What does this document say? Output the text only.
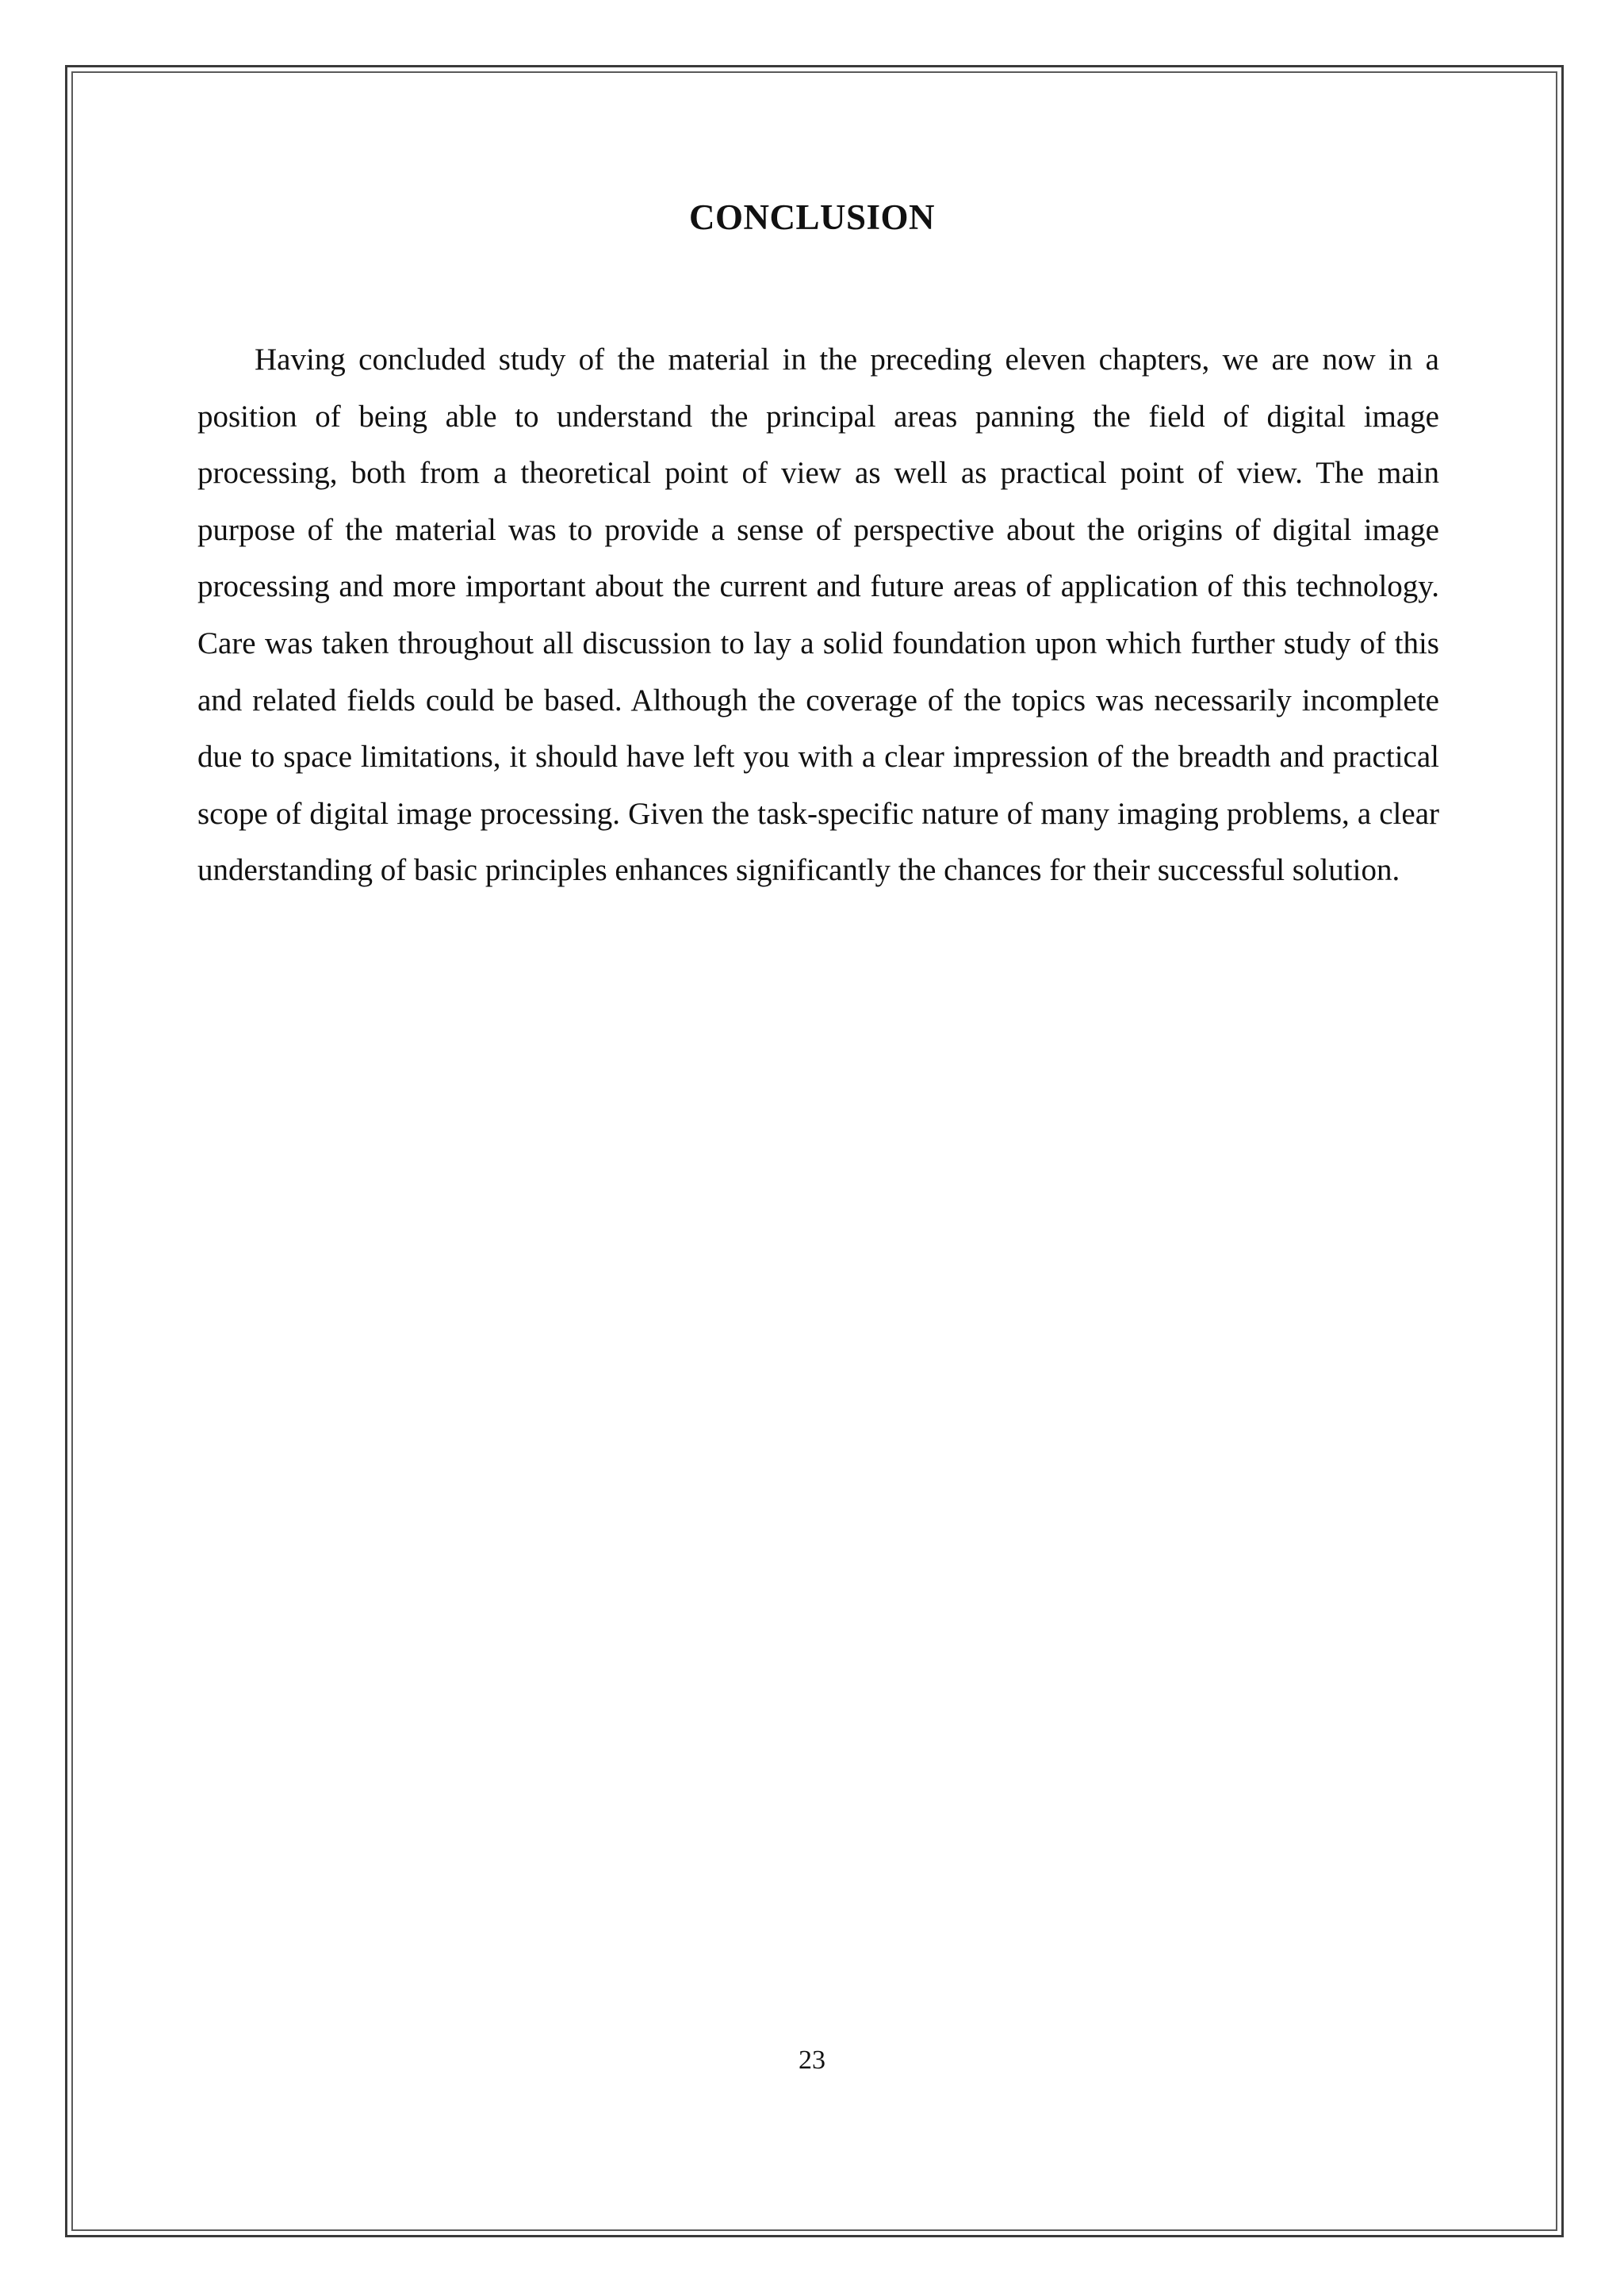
CONCLUSION

Having concluded study of the material in the preceding eleven chapters, we are now in a position of being able to understand the principal areas panning the field of digital image processing, both from a theoretical point of view as well as practical point of view. The main purpose of the material was to provide a sense of perspective about the origins of digital image processing and more important about the current and future areas of application of this technology. Care was taken throughout all discussion to lay a solid foundation upon which further study of this and related fields could be based. Although the coverage of the topics was necessarily incomplete due to space limitations, it should have left you with a clear impression of the breadth and practical scope of digital image processing. Given the task-specific nature of many imaging problems, a clear understanding of basic principles enhances significantly the chances for their successful solution.

23
